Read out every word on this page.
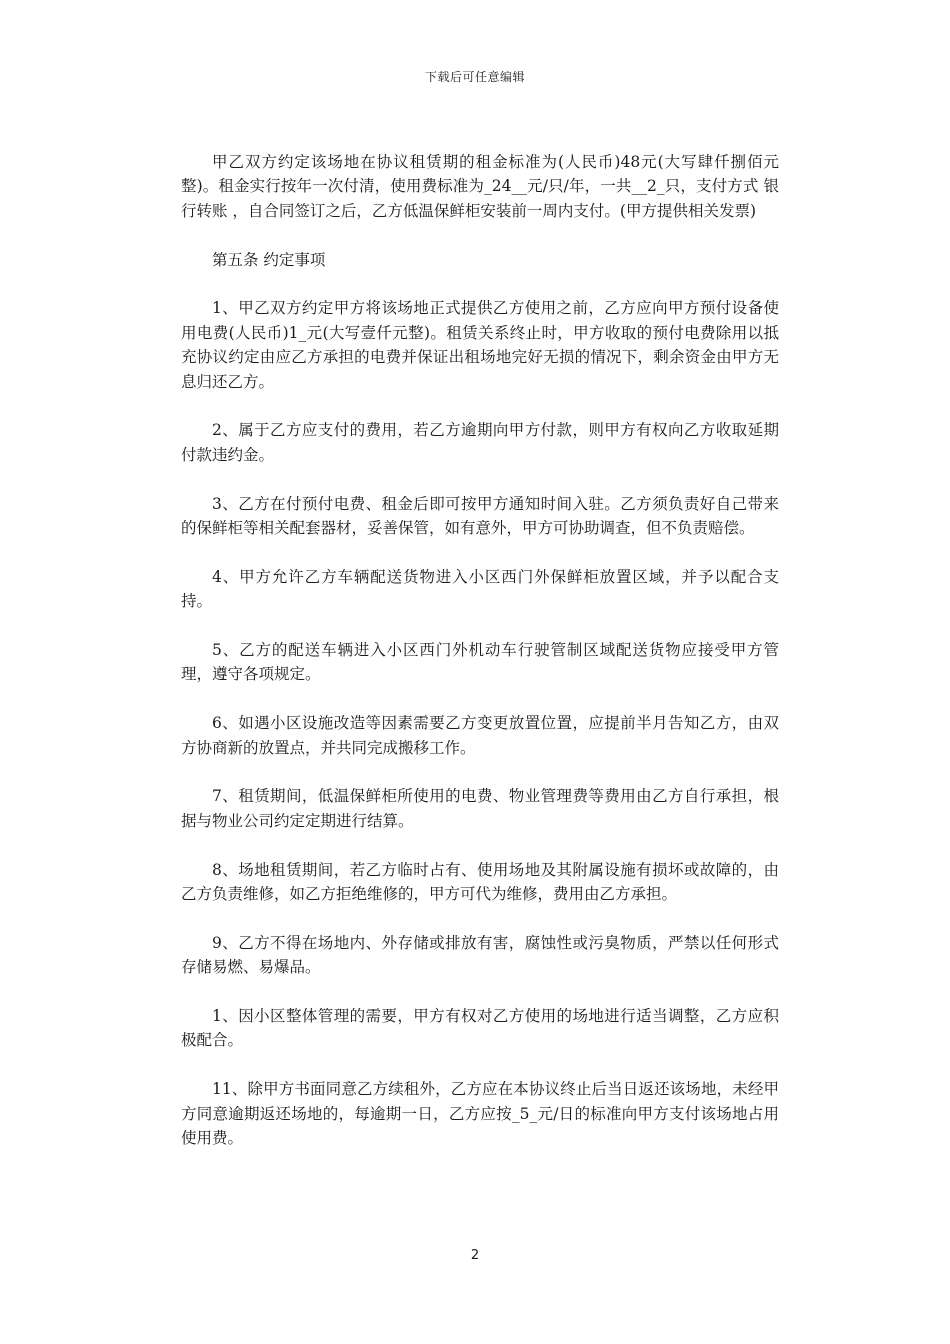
下载后可任意编辑

甲乙双方约定该场地在协议租赁期的租金标准为(人民币)48元(大写肆仟捌佰元整)。租金实行按年一次付清，使用费标准为_24__元/只/年，一共__2_只，支付方式 银行转账 ，自合同签订之后，乙方低温保鲜柜安装前一周内支付。(甲方提供相关发票)

第五条 约定事项

1、甲乙双方约定甲方将该场地正式提供乙方使用之前，乙方应向甲方预付设备使用电费(人民币)1_元(大写壹仟元整)。租赁关系终止时，甲方收取的预付电费除用以抵充协议约定由应乙方承担的电费并保证出租场地完好无损的情况下，剩余资金由甲方无息归还乙方。

2、属于乙方应支付的费用，若乙方逾期向甲方付款，则甲方有权向乙方收取延期付款违约金。

3、乙方在付预付电费、租金后即可按甲方通知时间入驻。乙方须负责好自己带来的保鲜柜等相关配套器材，妥善保管，如有意外，甲方可协助调查，但不负责赔偿。

4、甲方允许乙方车辆配送货物进入小区西门外保鲜柜放置区域，并予以配合支持。

5、乙方的配送车辆进入小区西门外机动车行驶管制区域配送货物应接受甲方管理，遵守各项规定。

6、如遇小区设施改造等因素需要乙方变更放置位置，应提前半月告知乙方，由双方协商新的放置点，并共同完成搬移工作。

7、租赁期间，低温保鲜柜所使用的电费、物业管理费等费用由乙方自行承担，根据与物业公司约定定期进行结算。

8、场地租赁期间，若乙方临时占有、使用场地及其附属设施有损坏或故障的，由乙方负责维修，如乙方拒绝维修的，甲方可代为维修，费用由乙方承担。

9、乙方不得在场地内、外存储或排放有害，腐蚀性或污臭物质，严禁以任何形式存储易燃、易爆品。

1、因小区整体管理的需要，甲方有权对乙方使用的场地进行适当调整，乙方应积极配合。

11、除甲方书面同意乙方续租外，乙方应在本协议终止后当日返还该场地，未经甲方同意逾期返还场地的，每逾期一日，乙方应按_5_元/日的标准向甲方支付该场地占用使用费。

2
